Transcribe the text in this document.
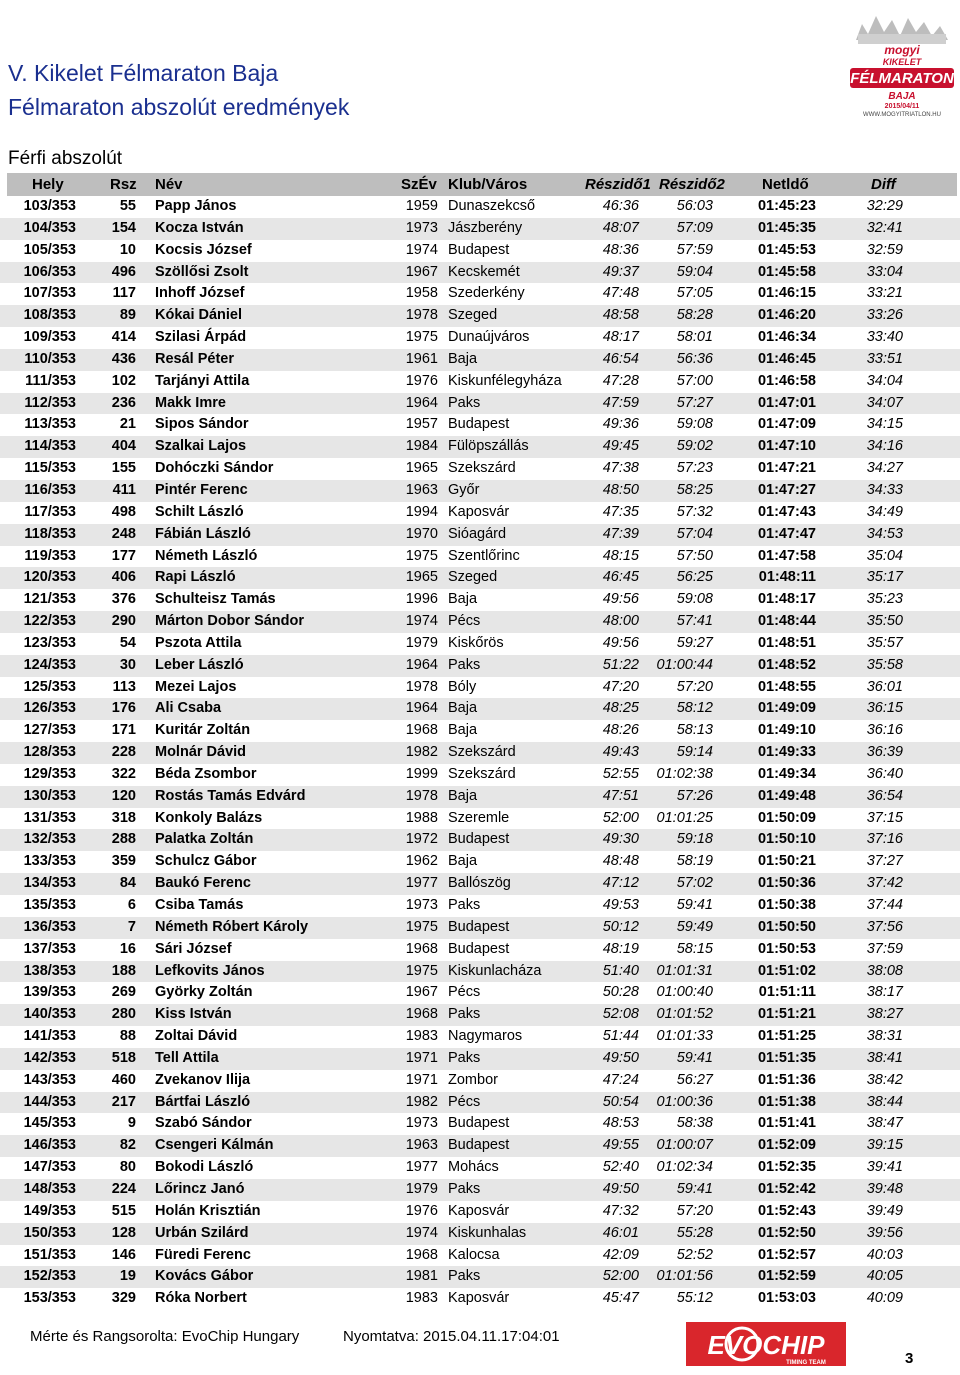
V. Kikelet Félmaraton Baja
Félmaraton abszolút eredmények
mogyi
KIKELET
FÉLMARATON
BAJA
2015/04/11
WWW.MOGYITRIATLON.HU
Férfi abszolút
Hely	Rsz Név	SzÉv Klub/Város	Részidő1 Részidő2 Netldő	Diff
103/353	55 Papp János	1959 Dunaszekcső	46:36	56:03	01:45:23	32:29
104/353	154 Kocza István	1973 Jászberény	48:07	57:09	01:45:35	32:41
105/353	10 Kocsis József	1974 Budapest	48:36	57:59	01:45:53	32:59
106/353	496 Szöllősi Zsolt	1967 Kecskemét	49:37	59:04	01:45:58	33:04
107/353	117 Inhoff József	1958 Szederkény	47:48	57:05	01:46:15	33:21
108/353	89 Kókai Dániel	1978 Szeged	48:58	58:28	01:46:20	33:26
109/353	414 Szilasi Árpád	1975 Dunaújváros	48:17	58:01	01:46:34	33:40
110/353	436 Resál Péter	1961 Baja	46:54	56:36	01:46:45	33:51
111/353	102 Tarjányi Attila	1976 Kiskunfélegyháza	47:28	57:00	01:46:58	34:04
112/353	236 Makk Imre	1964 Paks	47:59	57:27	01:47:01	34:07
113/353	21 Sipos Sándor	1957 Budapest	49:36	59:08	01:47:09	34:15
114/353	404 Szalkai Lajos	1984 Fülöpszállás	49:45	59:02	01:47:10	34:16
115/353	155 Dohóczki Sándor	1965 Szekszárd	47:38	57:23	01:47:21	34:27
116/353	411 Pintér Ferenc	1963 Győr	48:50	58:25	01:47:27	34:33
117/353	498 Schilt László	1994 Kaposvár	47:35	57:32	01:47:43	34:49
118/353	248 Fábián László	1970 Sióagárd	47:39	57:04	01:47:47	34:53
119/353	177 Németh László	1975 Szentlőrinc	48:15	57:50	01:47:58	35:04
120/353	406 Rapi László	1965 Szeged	46:45	56:25	01:48:11	35:17
121/353	376 Schulteisz Tamás	1996 Baja	49:56	59:08	01:48:17	35:23
122/353	290 Márton Dobor Sándor	1974 Pécs	48:00	57:41	01:48:44	35:50
123/353	54 Pszota Attila	1979 Kiskőrös	49:56	59:27	01:48:51	35:57
124/353	30 Leber László	1964 Paks	51:22	01:00:44	01:48:52	35:58
125/353	113 Mezei Lajos	1978 Bóly	47:20	57:20	01:48:55	36:01
126/353	176 Ali Csaba	1964 Baja	48:25	58:12	01:49:09	36:15
127/353	171 Kuritár Zoltán	1968 Baja	48:26	58:13	01:49:10	36:16
128/353	228 Molnár Dávid	1982 Szekszárd	49:43	59:14	01:49:33	36:39
129/353	322 Béda Zsombor	1999 Szekszárd	52:55	01:02:38	01:49:34	36:40
130/353	120 Rostás Tamás Edvárd	1978 Baja	47:51	57:26	01:49:48	36:54
131/353	318 Konkoly Balázs	1988 Szeremle	52:00	01:01:25	01:50:09	37:15
132/353	288 Palatka Zoltán	1972 Budapest	49:30	59:18	01:50:10	37:16
133/353	359 Schulcz Gábor	1962 Baja	48:48	58:19	01:50:21	37:27
134/353	84 Baukó Ferenc	1977 Ballószög	47:12	57:02	01:50:36	37:42
135/353	6 Csiba Tamás	1973 Paks	49:53	59:41	01:50:38	37:44
136/353	7 Németh Róbert Károly	1975 Budapest	50:12	59:49	01:50:50	37:56
137/353	16 Sári József	1968 Budapest	48:19	58:15	01:50:53	37:59
138/353	188 Lefkovits János	1975 Kiskunlacháza	51:40	01:01:31	01:51:02	38:08
139/353	269 Györky Zoltán	1967 Pécs	50:28	01:00:40	01:51:11	38:17
140/353	280 Kiss István	1968 Paks	52:08	01:01:52	01:51:21	38:27
141/353	88 Zoltai Dávid	1983 Nagymaros	51:44	01:01:33	01:51:25	38:31
142/353	518 Tell Attila	1971 Paks	49:50	59:41	01:51:35	38:41
143/353	460 Zvekanov Ilija	1971 Zombor	47:24	56:27	01:51:36	38:42
144/353	217 Bártfai László	1982 Pécs	50:54	01:00:36	01:51:38	38:44
145/353	9 Szabó Sándor	1973 Budapest	48:53	58:38	01:51:41	38:47
146/353	82 Csengeri Kálmán	1963 Budapest	49:55	01:00:07	01:52:09	39:15
147/353	80 Bokodi László	1977 Mohács	52:40	01:02:34	01:52:35	39:41
148/353	224 Lőrincz Janó	1979 Paks	49:50	59:41	01:52:42	39:48
149/353	515 Holán Krisztián	1976 Kaposvár	47:32	57:20	01:52:43	39:49
150/353	128 Urbán Szilárd	1974 Kiskunhalas	46:01	55:28	01:52:50	39:56
151/353	146 Füredi Ferenc	1968 Kalocsa	42:09	52:52	01:52:57	40:03
152/353	19 Kovács Gábor	1981 Paks	52:00	01:01:56	01:52:59	40:05
153/353	329 Róka Norbert	1983 Kaposvár	45:47	55:12	01:53:03	40:09
Mérte és Rangsorolta: EvoChip Hungary	Nyomtatva: 2015.04.11.17:04:01	EVOCHIP
TIMING TEAM	3
